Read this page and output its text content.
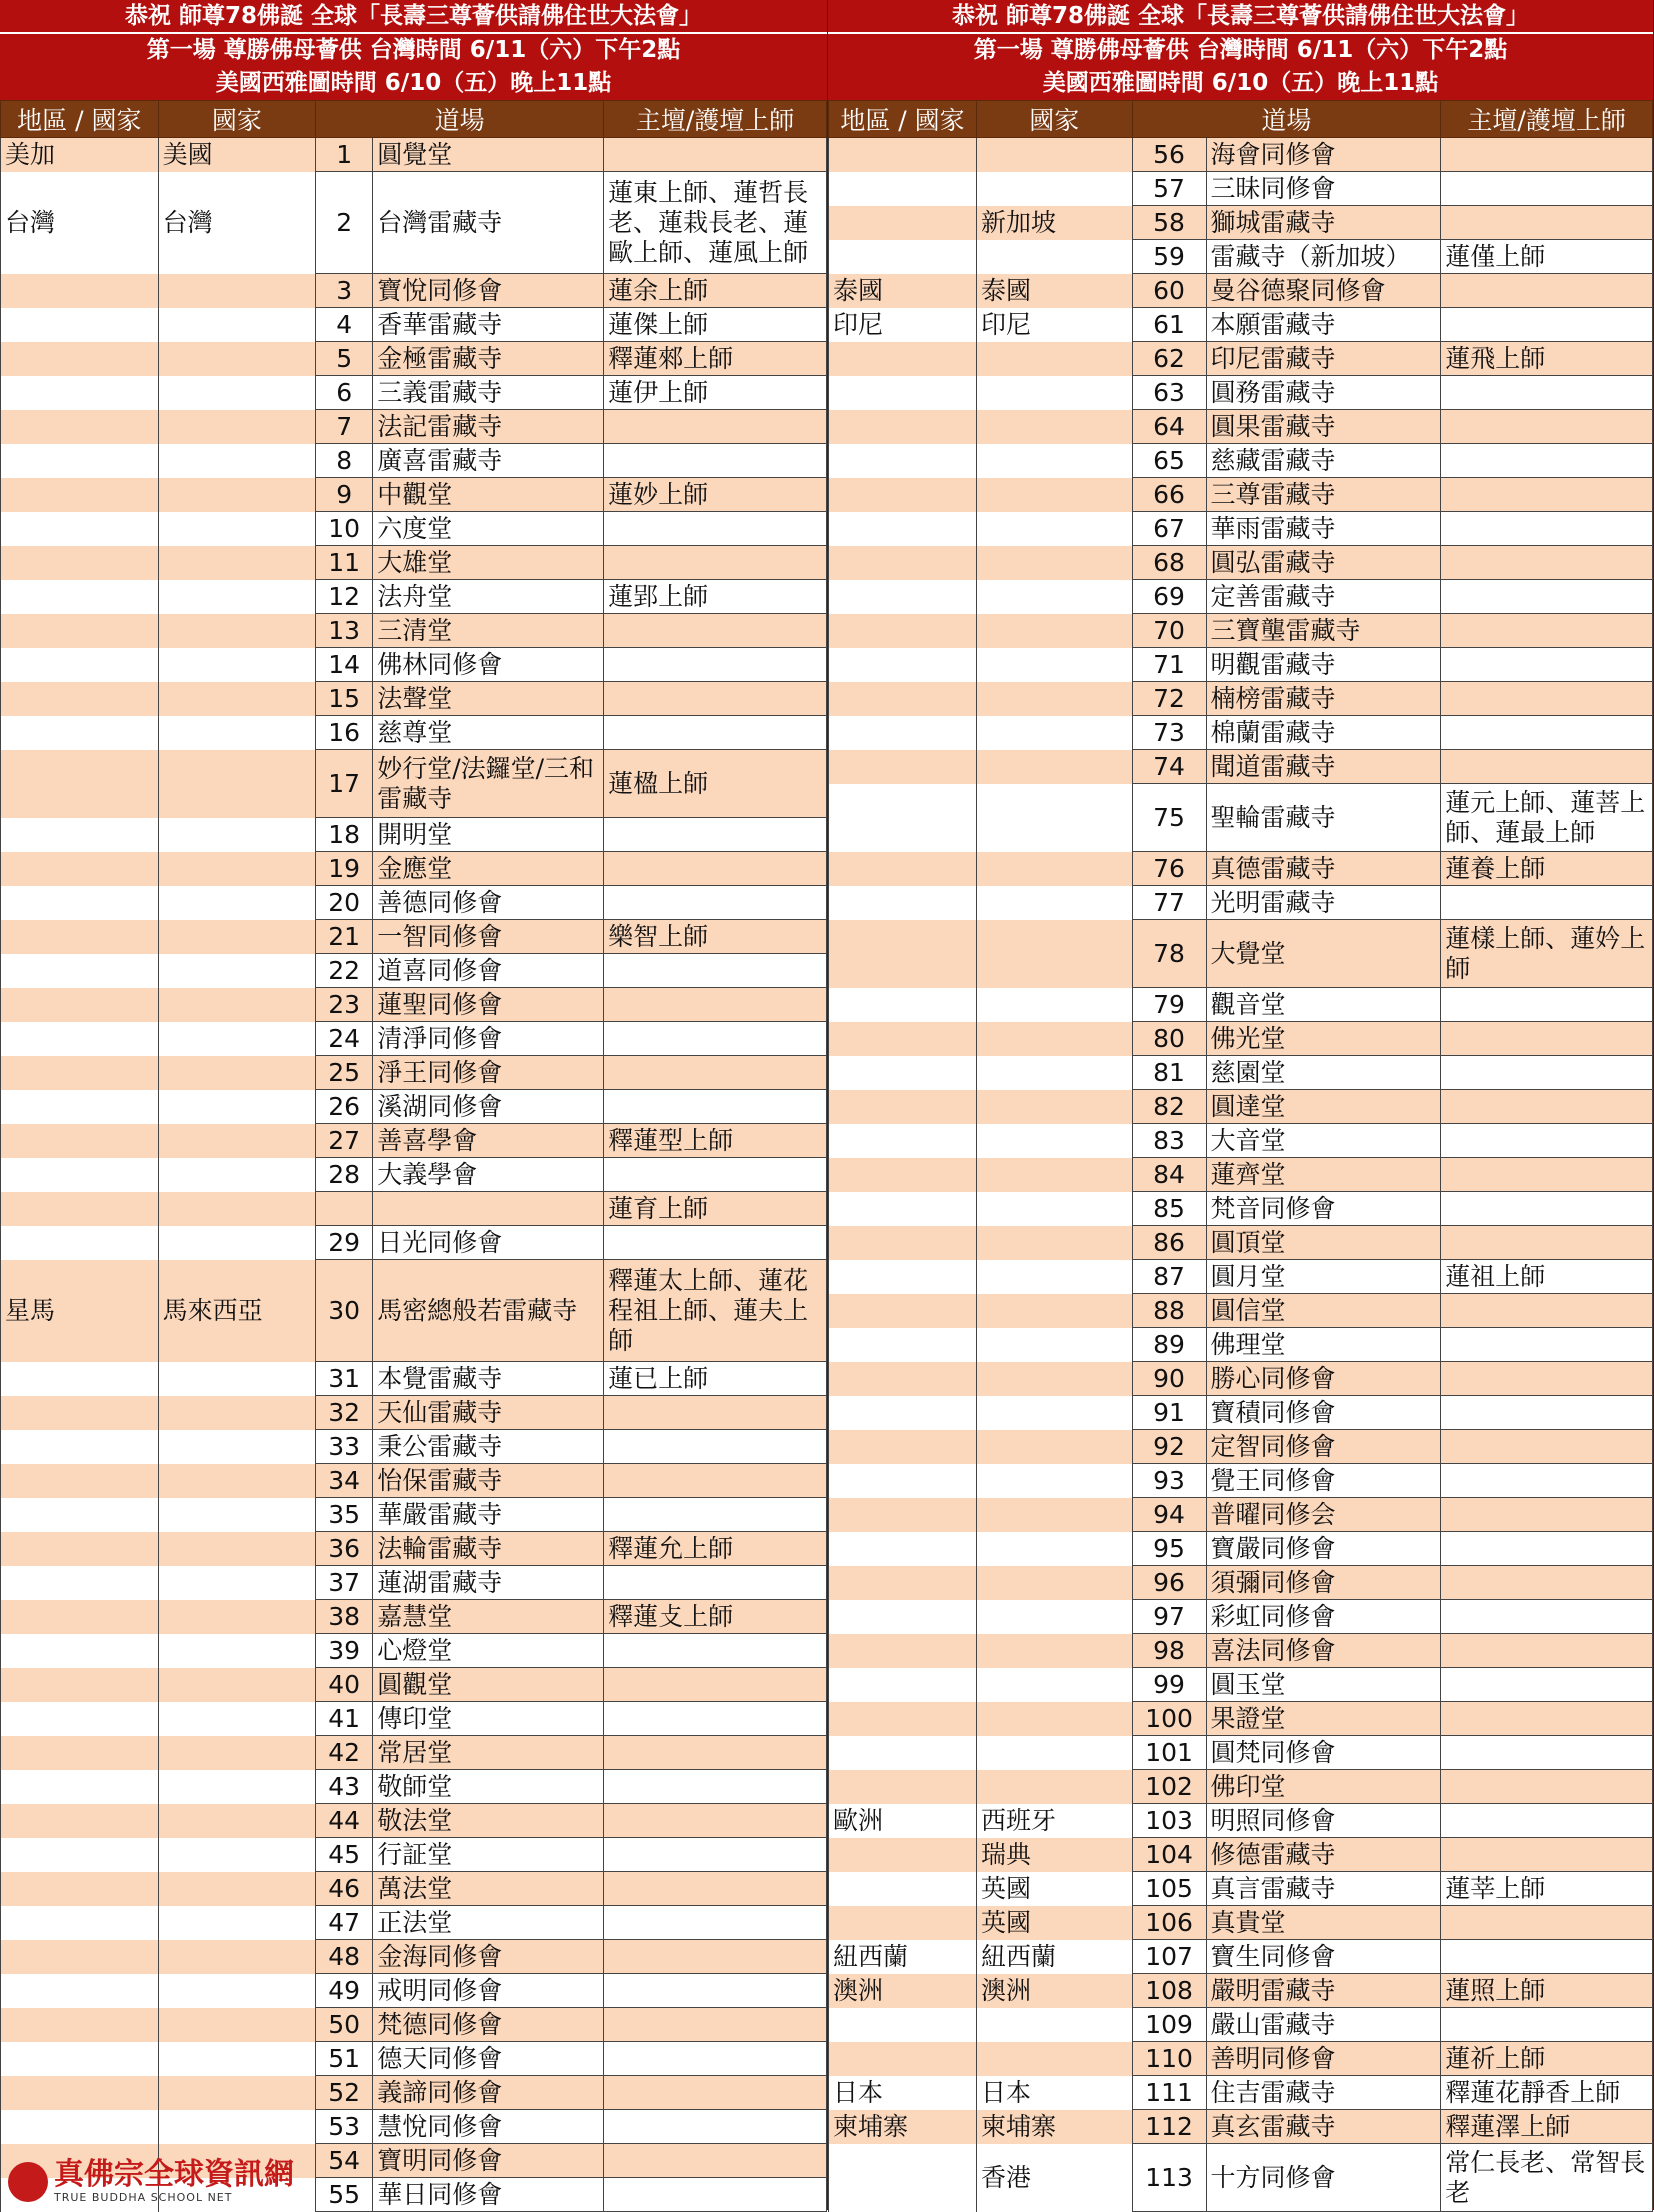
恭祝 師尊78佛誕 全球「長壽三尊薈供請佛住世大法會」
第一場 尊勝佛母薈供 台灣時間 6/11（六）下午2點
美國西雅圖時間 6/10（五）晚上11點
地區 / 國家	國家	道場		主壇/護壇上師
美加	美國	1	圓覺堂	
台灣	台灣	2	台灣雷藏寺	蓮東上師、蓮哲長老、蓮栽長老、蓮歐上師、蓮風上師
		3	寶悅同修會	蓮余上師
		4	香華雷藏寺	蓮傑上師
		5	金極雷藏寺	釋蓮郲上師
		6	三義雷藏寺	蓮伊上師
		7	法記雷藏寺	
		8	廣喜雷藏寺	
		9	中觀堂	蓮妙上師
		10	六度堂	
		11	大雄堂	
		12	法舟堂	蓮郢上師
		13	三清堂	
		14	佛林同修會	
		15	法聲堂	
		16	慈尊堂	
		17	妙行堂/法鑼堂/三和雷藏寺	蓮楹上師
		18	開明堂	
		19	金應堂	
		20	善德同修會	
		21	一智同修會	樂智上師
		22	道喜同修會	
		23	蓮聖同修會	
		24	清淨同修會	
		25	淨王同修會	
		26	溪湖同修會	
		27	善喜學會	釋蓮型上師
		28	大義學會	
				蓮育上師
		29	日光同修會	
星馬	馬來西亞	30	馬密總般若雷藏寺	釋蓮太上師、蓮花程祖上師、蓮夫上師
		31	本覺雷藏寺	蓮已上師
		32	天仙雷藏寺	
		33	秉公雷藏寺	
		34	怡保雷藏寺	
		35	華嚴雷藏寺	
		36	法輪雷藏寺	釋蓮允上師
		37	蓮湖雷藏寺	
		38	嘉慧堂	釋蓮攴上師
		39	心燈堂	
		40	圓觀堂	
		41	傳印堂	
		42	常居堂	
		43	敬師堂	
		44	敬法堂	
		45	行証堂	
		46	萬法堂	
		47	正法堂	
		48	金海同修會	
		49	戒明同修會	
		50	梵德同修會	
		51	德天同修會	
		52	義諦同修會	
		53	慧悅同修會	
		54	寶明同修會	
		55	華日同修會	
真佛宗全球資訊網
TRUE BUDDHA SCHOOL NET
恭祝 師尊78佛誕 全球「長壽三尊薈供請佛住世大法會」
第一場 尊勝佛母薈供 台灣時間 6/11（六）下午2點
美國西雅圖時間 6/10（五）晚上11點
地區 / 國家	國家	道場		主壇/護壇上師
		56	海會同修會	
		57	三昧同修會	
	新加坡	58	獅城雷藏寺	
		59	雷藏寺（新加坡）	蓮僅上師
泰國	泰國	60	曼谷德聚同修會	
印尼	印尼	61	本願雷藏寺	
		62	印尼雷藏寺	蓮飛上師
		63	圓務雷藏寺	
		64	圓果雷藏寺	
		65	慈藏雷藏寺	
		66	三尊雷藏寺	
		67	華雨雷藏寺	
		68	圓弘雷藏寺	
		69	定善雷藏寺	
		70	三寶壟雷藏寺	
		71	明觀雷藏寺	
		72	楠榜雷藏寺	
		73	棉蘭雷藏寺	
		74	聞道雷藏寺	
		75	聖輪雷藏寺	蓮元上師、蓮菩上師、蓮最上師
		76	真德雷藏寺	蓮養上師
		77	光明雷藏寺	
		78	大覺堂	蓮樣上師、蓮妗上師
		79	觀音堂	
		80	佛光堂	
		81	慈園堂	
		82	圓達堂	
		83	大音堂	
		84	蓮齊堂	
		85	梵音同修會	
		86	圓頂堂	
		87	圓月堂	蓮祖上師
		88	圓信堂	
		89	佛理堂	
		90	勝心同修會	
		91	寶積同修會	
		92	定智同修會	
		93	覺王同修會	
		94	普曜同修会	
		95	寶嚴同修會	
		96	須彌同修會	
		97	彩虹同修會	
		98	喜法同修會	
		99	圓玉堂	
		100	果證堂	
		101	圓梵同修會	
		102	佛印堂	
歐洲	西班牙	103	明照同修會	
	瑞典	104	修德雷藏寺	
	英國	105	真言雷藏寺	蓮莘上師
	英國	106	真貴堂	
紐西蘭	紐西蘭	107	寶生同修會	
澳洲	澳洲	108	嚴明雷藏寺	蓮照上師
		109	嚴山雷藏寺	
		110	善明同修會	蓮祈上師
日本	日本	111	住吉雷藏寺	釋蓮花靜香上師
柬埔寨	柬埔寨	112	真玄雷藏寺	釋蓮澤上師
	香港	113	十方同修會	常仁長老、常智長老
